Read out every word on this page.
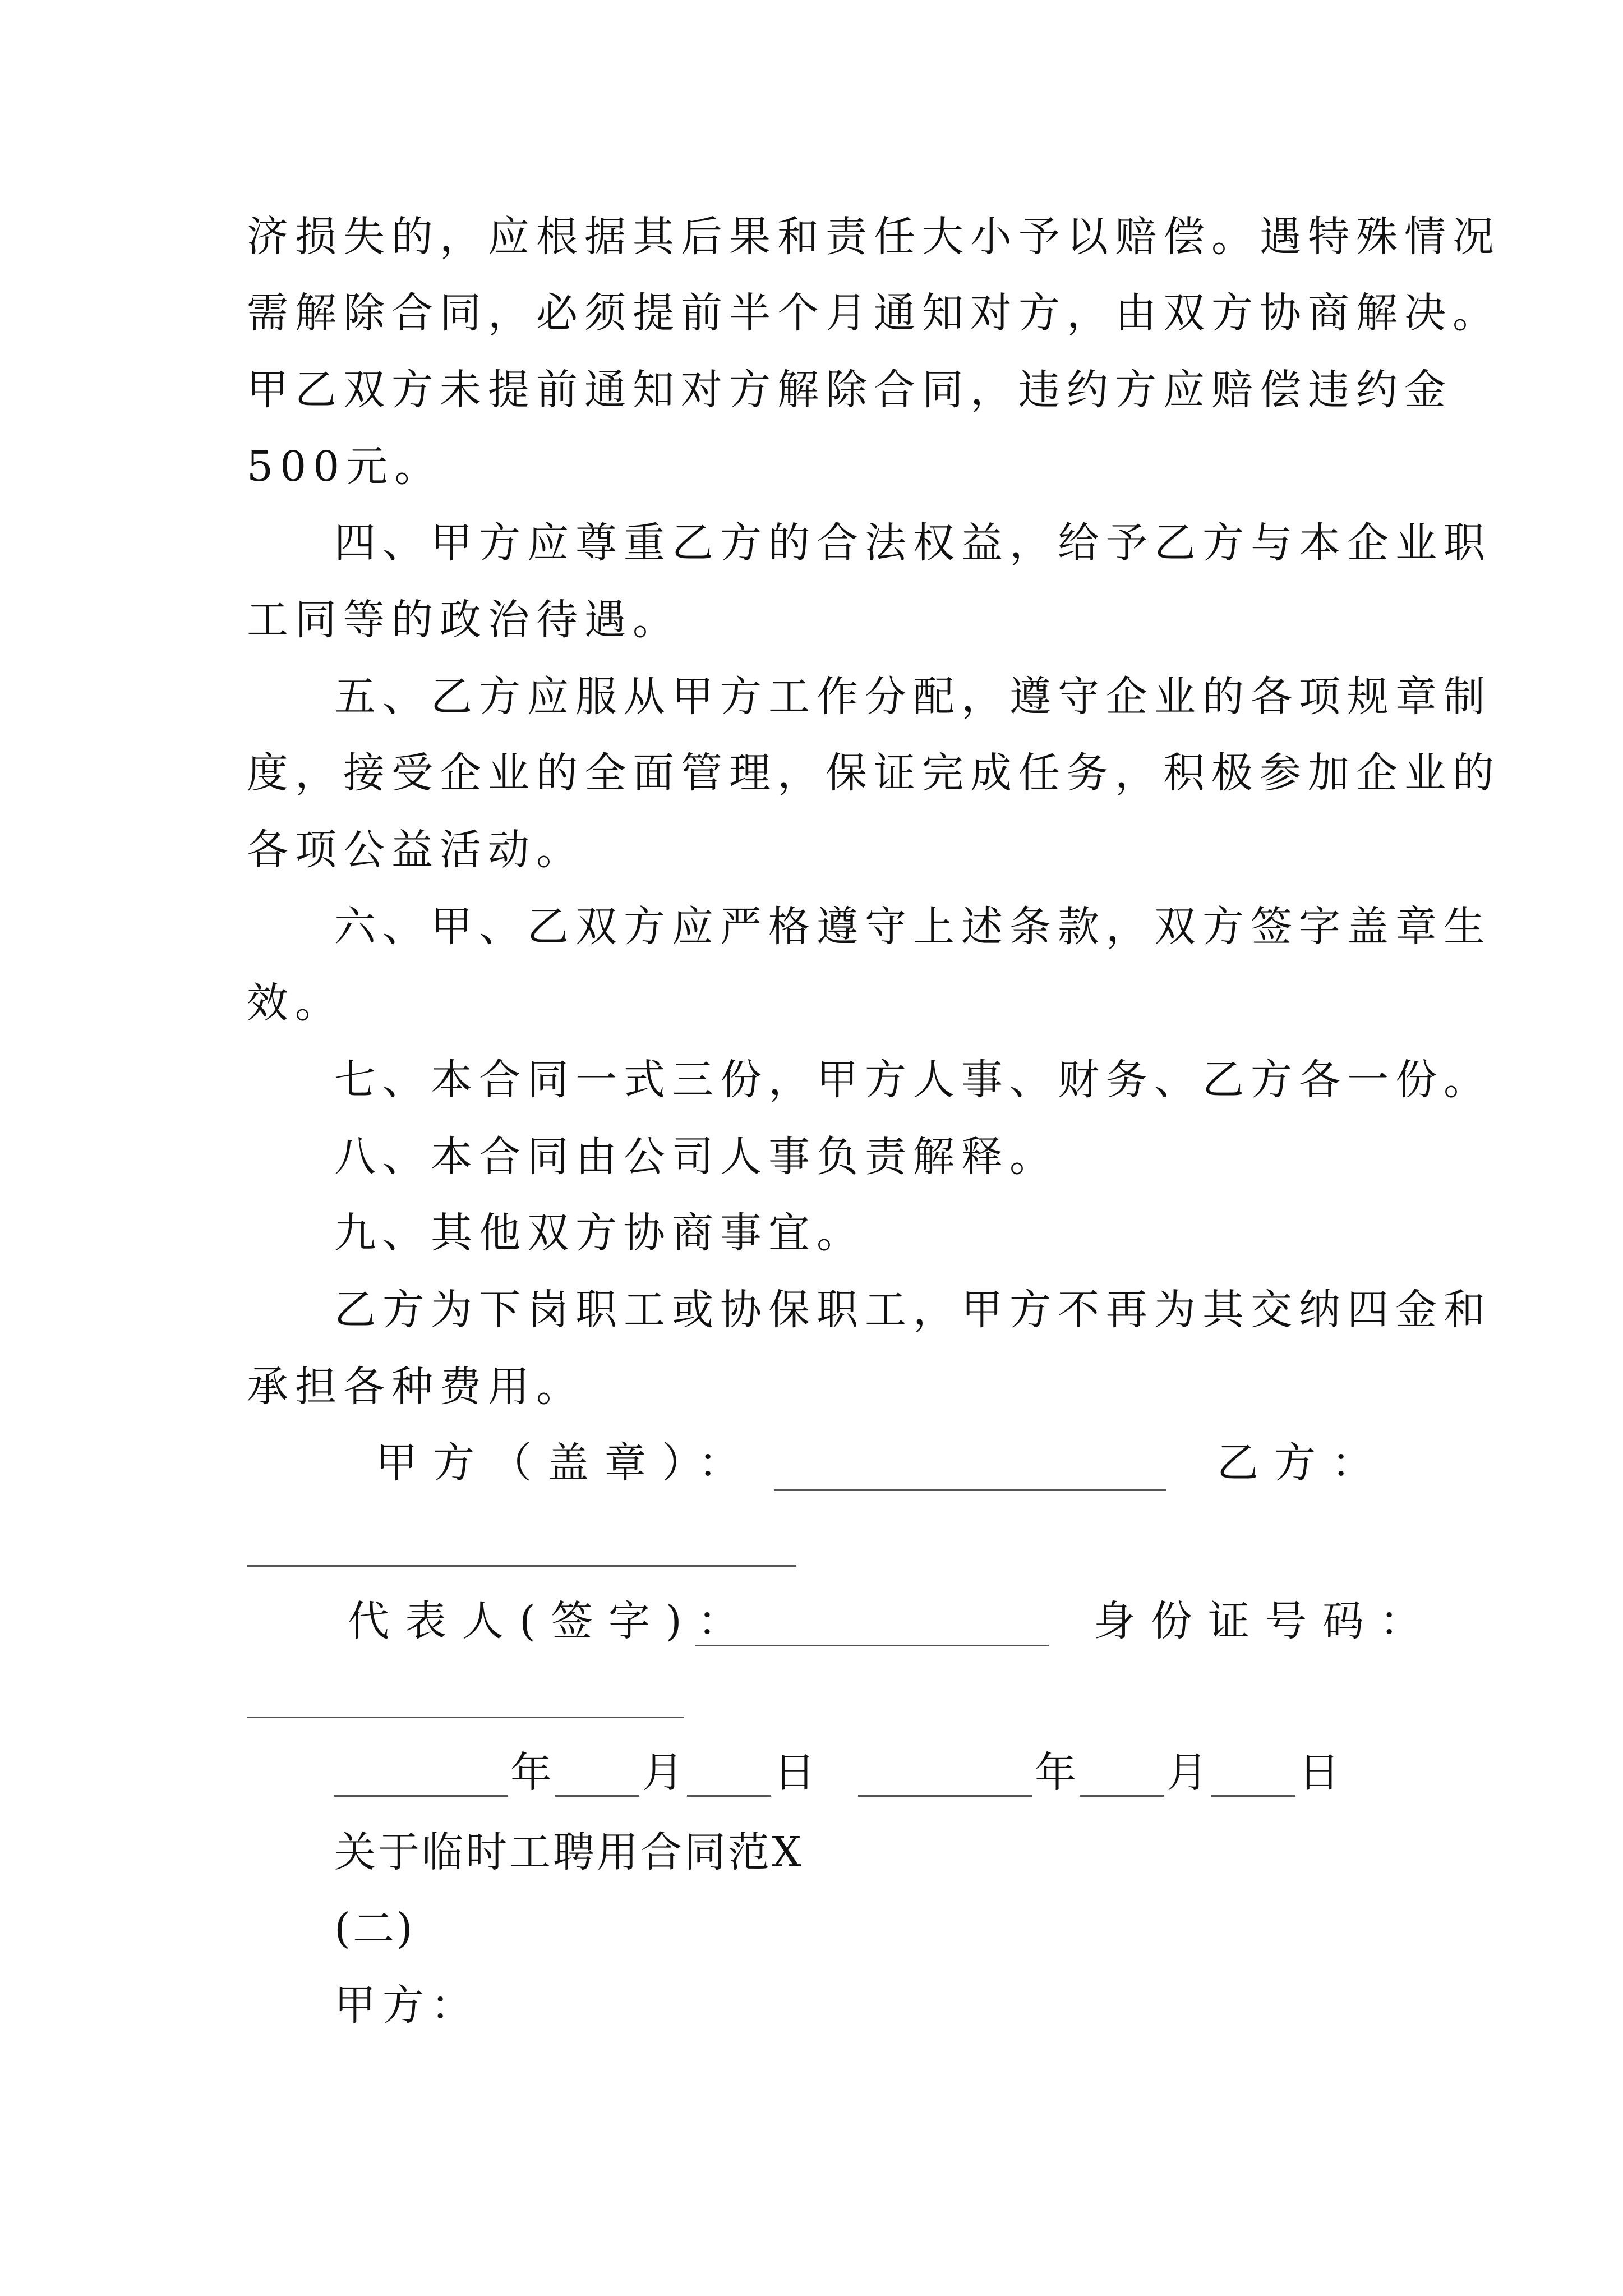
济损失的，应根据其后果和责任大小予以赔偿。遇特殊情况
需解除合同，必须提前半个月通知对方，由双方协商解决。
甲乙双方未提前通知对方解除合同，违约方应赔偿违约金
500元。
四、甲方应尊重乙方的合法权益，给予乙方与本企业职
工同等的政治待遇。
五、乙方应服从甲方工作分配，遵守企业的各项规章制
度，接受企业的全面管理，保证完成任务，积极参加企业的
各项公益活动。
六、甲、乙双方应严格遵守上述条款，双方签字盖章生
效。
七、本合同一式三份，甲方人事、财务、乙方各一份。
八、本合同由公司人事负责解释。
九、其他双方协商事宜。
乙方为下岗职工或协保职工，甲方不再为其交纳四金和
承担各种费用。
甲方（盖章）：	乙方：
代表人(签字)：	身份证号码：
年 月 日	年 月 日
关于临时工聘用合同范X
(二)
甲方：
